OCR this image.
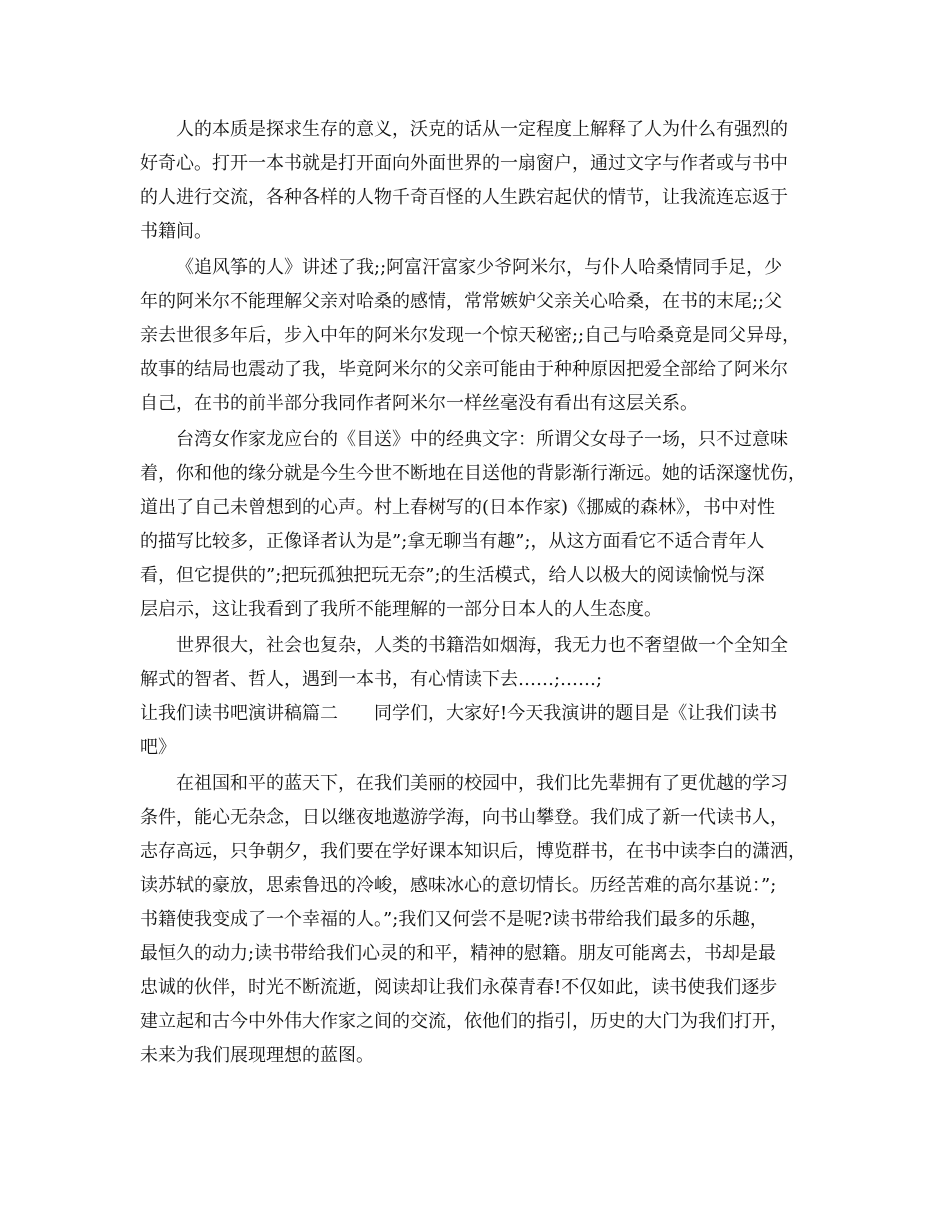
人的本质是探求生存的意义，沃克的话从一定程度上解释了人为什么有强烈的
好奇心。打开一本书就是打开面向外面世界的一扇窗户，通过文字与作者或与书中
的人进行交流，各种各样的人物千奇百怪的人生跌宕起伏的情节，让我流连忘返于
书籍间。
《追风筝的人》讲述了我;;阿富汗富家少爷阿米尔，与仆人哈桑情同手足，少
年的阿米尔不能理解父亲对哈桑的感情，常常嫉妒父亲关心哈桑，在书的末尾;;父
亲去世很多年后，步入中年的阿米尔发现一个惊天秘密;;自己与哈桑竟是同父异母，
故事的结局也震动了我，毕竟阿米尔的父亲可能由于种种原因把爱全部给了阿米尔
自己，在书的前半部分我同作者阿米尔一样丝毫没有看出有这层关系。
台湾女作家龙应台的《目送》中的经典文字：所谓父女母子一场，只不过意味
着，你和他的缘分就是今生今世不断地在目送他的背影渐行渐远。她的话深邃忧伤，
道出了自己未曾想到的心声。村上春树写的(日本作家)《挪威的森林》，书中对性
的描写比较多，正像译者认为是”;拿无聊当有趣”;，从这方面看它不适合青年人
看，但它提供的”;把玩孤独把玩无奈”;的生活模式，给人以极大的阅读愉悦与深
层启示，这让我看到了我所不能理解的一部分日本人的人生态度。
世界很大，社会也复杂，人类的书籍浩如烟海，我无力也不奢望做一个全知全
解式的智者、哲人，遇到一本书，有心情读下去……;……;
让我们读书吧演讲稿篇二　　同学们，大家好!今天我演讲的题目是《让我们读书
吧》
在祖国和平的蓝天下，在我们美丽的校园中，我们比先辈拥有了更优越的学习
条件，能心无杂念，日以继夜地遨游学海，向书山攀登。我们成了新一代读书人，
志存高远，只争朝夕，我们要在学好课本知识后，博览群书，在书中读李白的潇洒，
读苏轼的豪放，思索鲁迅的冷峻，感味冰心的意切情长。历经苦难的高尔基说：”;
书籍使我变成了一个幸福的人。”;我们又何尝不是呢?读书带给我们最多的乐趣，
最恒久的动力;读书带给我们心灵的和平，精神的慰籍。朋友可能离去，书却是最
忠诚的伙伴，时光不断流逝，阅读却让我们永葆青春!不仅如此，读书使我们逐步
建立起和古今中外伟大作家之间的交流，依他们的指引，历史的大门为我们打开，
未来为我们展现理想的蓝图。
